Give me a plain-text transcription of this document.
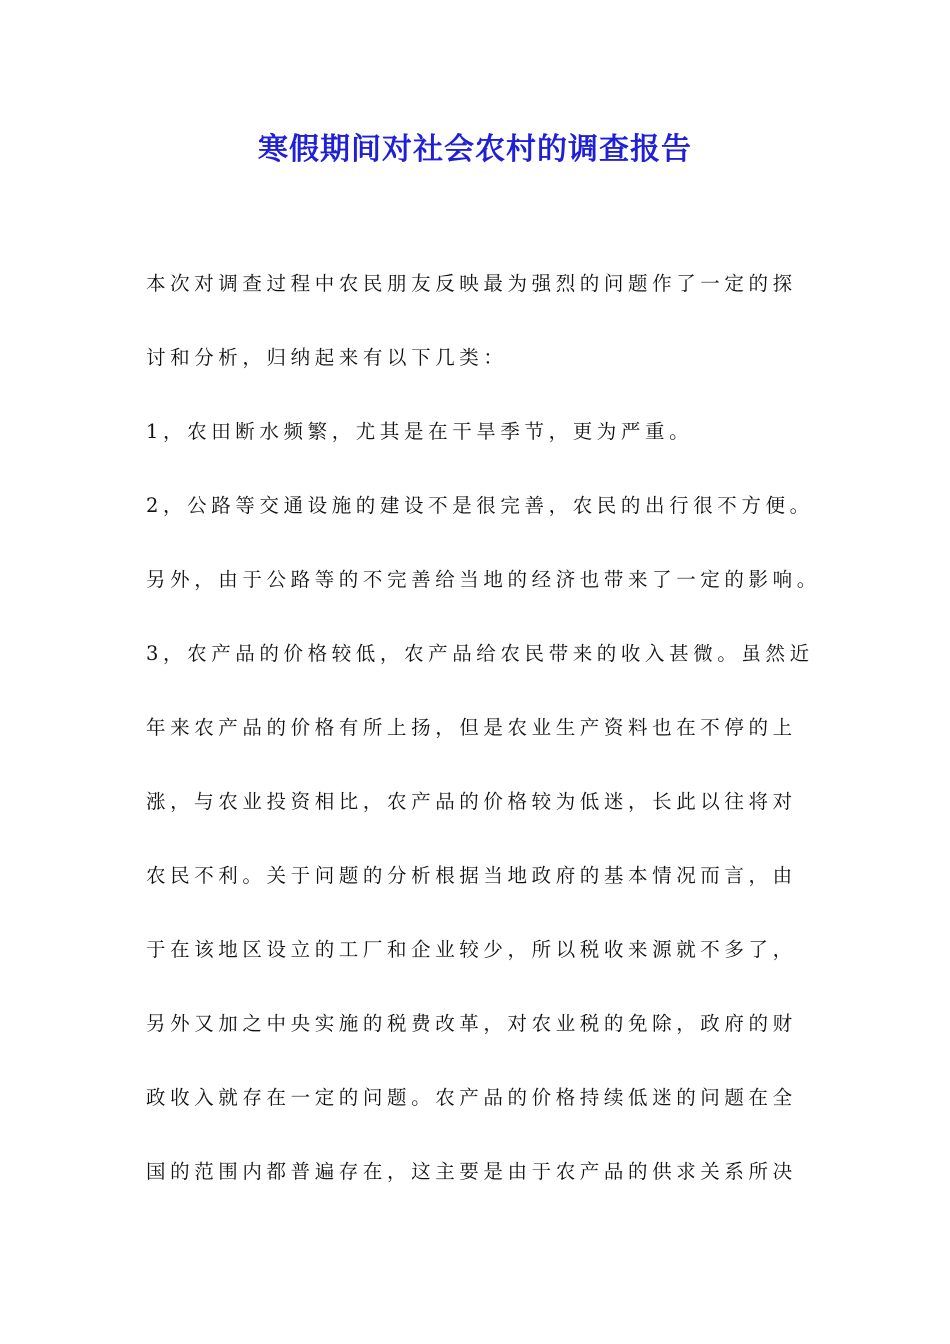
寒假期间对社会农村的调查报告
本次对调查过程中农民朋友反映最为强烈的问题作了一定的探
讨和分析，归纳起来有以下几类：
1，农田断水频繁，尤其是在干旱季节，更为严重。
2，公路等交通设施的建设不是很完善，农民的出行很不方便。
另外，由于公路等的不完善给当地的经济也带来了一定的影响。
3，农产品的价格较低，农产品给农民带来的收入甚微。虽然近
年来农产品的价格有所上扬，但是农业生产资料也在不停的上
涨，与农业投资相比，农产品的价格较为低迷，长此以往将对
农民不利。关于问题的分析根据当地政府的基本情况而言，由
于在该地区设立的工厂和企业较少，所以税收来源就不多了，
另外又加之中央实施的税费改革，对农业税的免除，政府的财
政收入就存在一定的问题。农产品的价格持续低迷的问题在全
国的范围内都普遍存在，这主要是由于农产品的供求关系所决
